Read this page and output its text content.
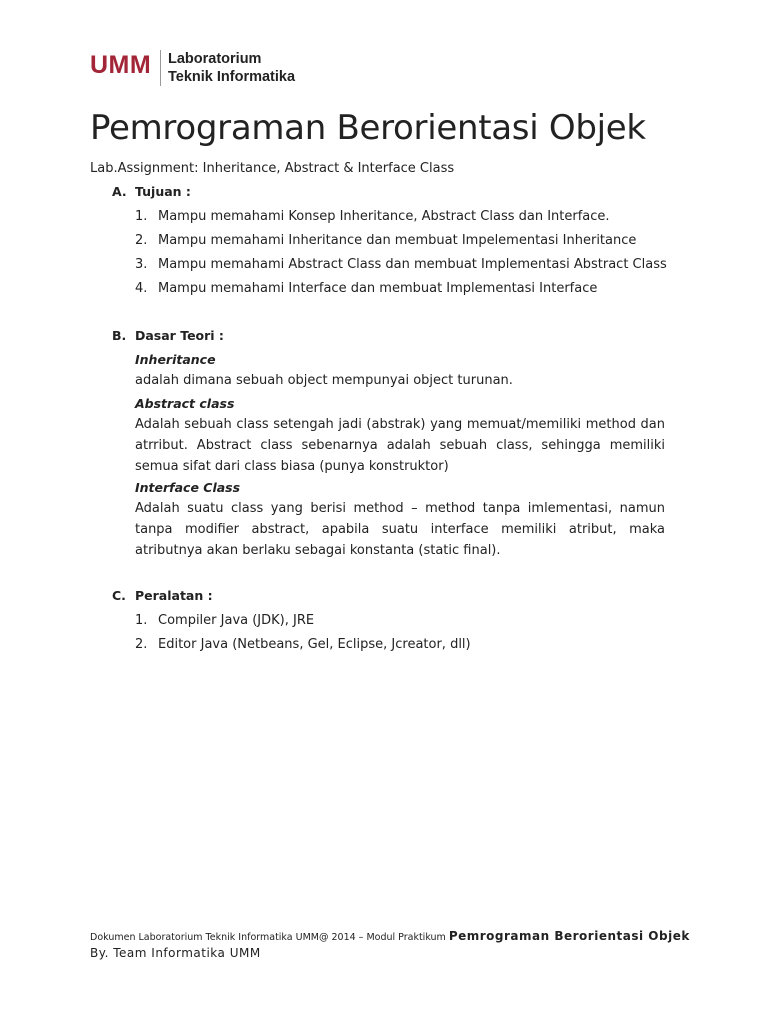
UMM Laboratorium
Teknik Informatika
Pemrograman Berorientasi Objek
Lab.Assignment: Inheritance, Abstract & Interface Class
A. Tujuan :
1. Mampu memahami Konsep Inheritance, Abstract Class dan Interface.
2. Mampu memahami Inheritance dan membuat Impelementasi Inheritance
3. Mampu memahami Abstract Class dan membuat Implementasi Abstract Class
4. Mampu memahami Interface dan membuat Implementasi Interface
B. Dasar Teori :
Inheritance
adalah dimana sebuah object mempunyai object turunan.
Abstract class
Adalah sebuah class setengah jadi (abstrak) yang memuat/memiliki method dan atrribut. Abstract class sebenarnya adalah sebuah class, sehingga memiliki semua sifat dari class biasa (punya konstruktor)
Interface Class
Adalah suatu class yang berisi method – method tanpa imlementasi, namun tanpa modifier abstract, apabila suatu interface memiliki atribut, maka atributnya akan berlaku sebagai konstanta (static final).
C. Peralatan :
1. Compiler Java (JDK), JRE
2. Editor Java (Netbeans, Gel, Eclipse, Jcreator, dll)
Dokumen Laboratorium Teknik Informatika UMM@ 2014 – Modul Praktikum Pemrograman Berorientasi Objek
By. Team Informatika UMM
